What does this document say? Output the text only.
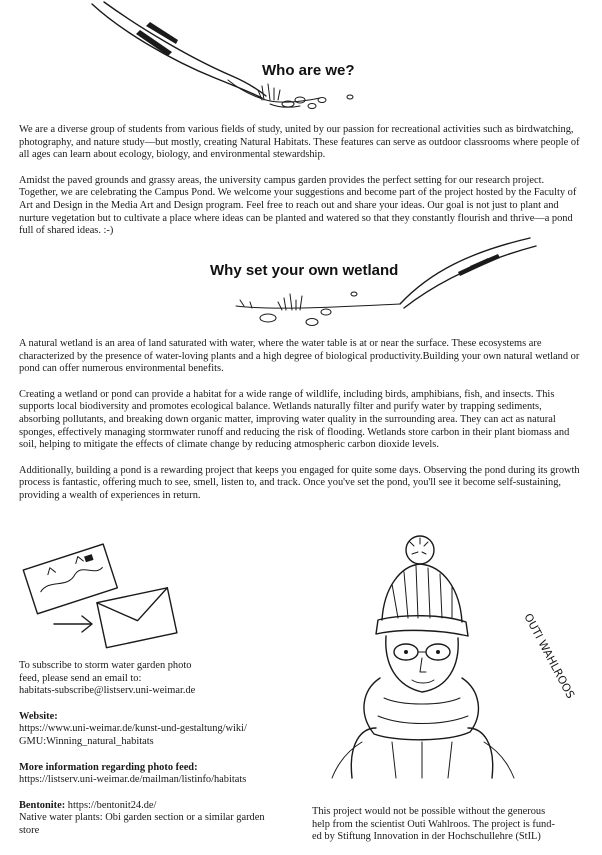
Who are we?

We are a diverse group of students from various fields of study, united by our passion for recreational activities such as birdwatching, photography, and nature study—but mostly, creating Natural Habitats. These features can serve as outdoor classrooms where people of all ages can learn about ecology, biology, and environmental stewardship.

Amidst the paved grounds and grassy areas, the university campus garden provides the perfect setting for our research project. Together, we are celebrating the Campus Pond. We welcome your suggestions and become part of the project hosted by the Faculty of Art and Design in the Media Art and Design program. Feel free to reach out and share your ideas. Our goal is not just to plant and nurture vegetation but to cultivate a place where ideas can be planted and watered so that they constantly flourish and thrive—a pond full of shared ideas. :-)

Why set your own wetland

A natural wetland is an area of land saturated with water, where the water table is at or near the surface. These ecosystems are characterized by the presence of water-loving plants and a high degree of biological productivity.Building your own natural wetland or pond can offer numerous environmental benefits.

Creating a wetland or pond can provide a habitat for a wide range of wildlife, including birds, amphibians, fish, and insects. This supports local biodiversity and promotes ecological balance. Wetlands naturally filter and purify water by trapping sediments, absorbing pollutants, and breaking down organic matter, improving water quality in the surrounding area. They can act as natural sponges, effectively managing stormwater runoff and reducing the risk of flooding. Wetlands store carbon in their plant biomass and soil, helping to mitigate the effects of climate change by reducing atmospheric carbon dioxide levels.

Additionally, building a pond is a rewarding project that keeps you engaged for quite some days. Observing the pond during its growth process is fantastic, offering much to see, smell, listen to, and track. Once you've set the pond, you'll see it become self-sustaining, providing a wealth of experiences in return.

OUTI WAHLROOS

To subscribe to storm water garden photo
feed, please send an email to:
habitats-subscribe@listserv.uni-weimar.de

Website:
https://www.uni-weimar.de/kunst-und-gestaltung/wiki/
GMU:Winning_natural_habitats

More information regarding photo feed:
https://listserv.uni-weimar.de/mailman/listinfo/habitats

Bentonite: https://bentonit24.de/
Native water plants: Obi garden section or a similar garden
store

This project would not be possible without the generous
help from the scientist Outi Wahlroos. The project is fund-
ed by Stiftung Innovation in der Hochschullehre (StIL)
